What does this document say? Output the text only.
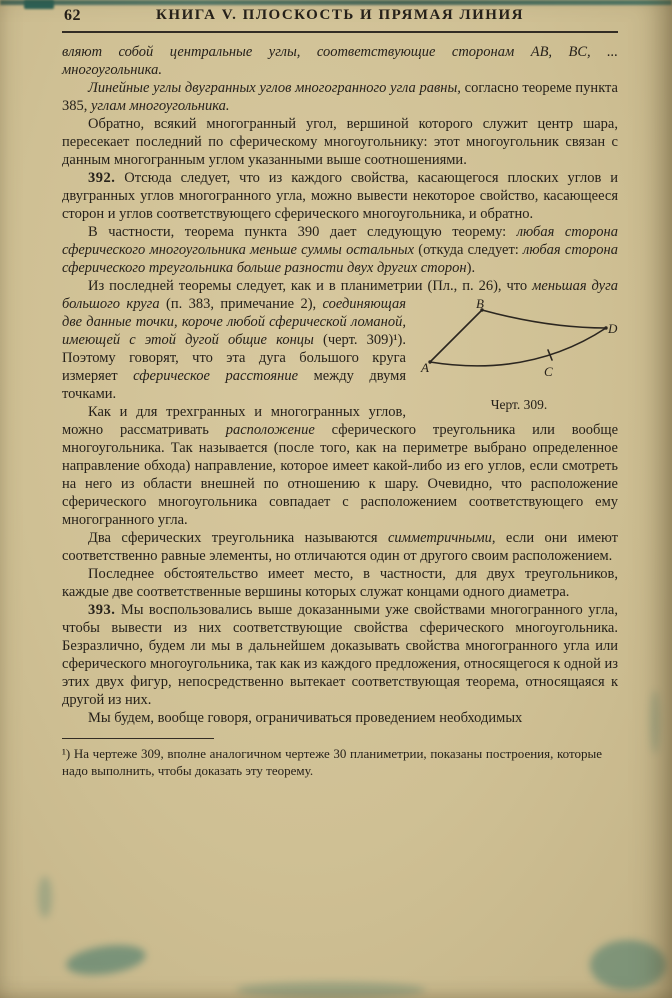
62	КНИГА V. ПЛОСКОСТЬ И ПРЯМАЯ ЛИНИЯ

вляют собой центральные углы, соответствующие сторонам AB, BC, ... многоугольника.

Линейные углы двугранных углов многогранного угла равны, согласно теореме пункта 385, углам многоугольника.

Обратно, всякий многогранный угол, вершиной которого служит центр шара, пересекает последний по сферическому многоугольнику: этот многоугольник связан с данным многогранным углом указанными выше соотношениями.

392. Отсюда следует, что из каждого свойства, касающегося плоских углов и двугранных углов многогранного угла, можно вывести некоторое свойство, касающееся сторон и углов соответствующего сферического многоугольника, и обратно.

В частности, теорема пункта 390 дает следующую теорему: любая сторона сферического многоугольника меньше суммы остальных (откуда следует: любая сторона сферического треугольника больше разности двух других сторон).

Из последней теоремы следует, как и в планиметрии (Пл., п. 26), что меньшая дуга большого круга (п. 383, примечание 2),
A
B
C
D
Черт. 309.
соединяющая две данные точки, короче любой сферической ломаной, имеющей с этой дугой общие концы (черт. 309)¹). Поэтому говорят, что эта дуга большого круга измеряет сферическое расстояние между двумя точками.

Как и для трехгранных и многогранных углов, можно рассматривать расположение сферического треугольника или вообще многоугольника. Так называется (после того, как на периметре выбрано определенное направление обхода) направление, которое имеет какой-либо из его углов, если смотреть на него из области внешней по отношению к шару. Очевидно, что расположение сферического многоугольника совпадает с расположением соответствующего ему многогранного угла.

Два сферических треугольника называются симметричными, если они имеют соответственно равные элементы, но отличаются один от другого своим расположением.

Последнее обстоятельство имеет место, в частности, для двух треугольников, каждые две соответственные вершины которых служат концами одного диаметра.

393. Мы воспользовались выше доказанными уже свойствами многогранного угла, чтобы вывести из них соответствующие свойства сферического многоугольника. Безразлично, будем ли мы в дальнейшем доказывать свойства многогранного угла или сферического многоугольника, так как из каждого предложения, относящегося к одной из этих двух фигур, непосредственно вытекает соответствующая теорема, относящаяся к другой из них.

Мы будем, вообще говоря, ограничиваться проведением необходимых

¹) На чертеже 309, вполне аналогичном чертеже 30 планиметрии, показаны построения, которые надо выполнить, чтобы доказать эту теорему.
